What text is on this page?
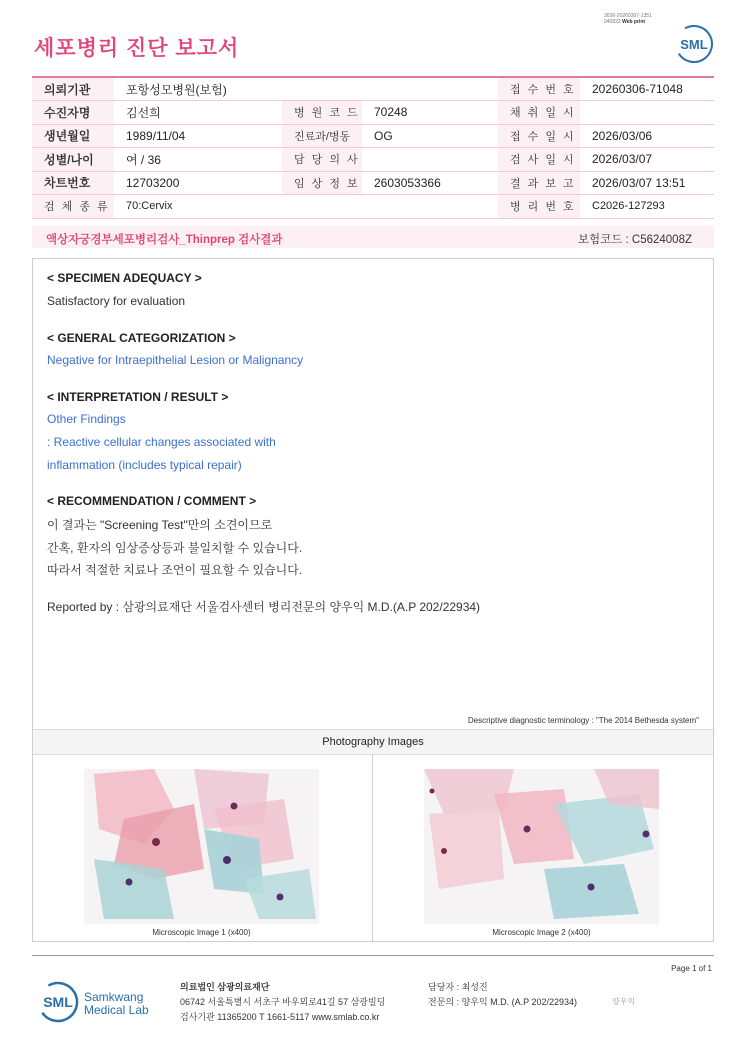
3036-20260307-1351
040822 Web print
세포병리 진단 보고서	SML
의뢰기관	포항성모병원(보험)			접 수 번 호	20260306-71048
수진자명	김선희	병 원 코 드	70248	채 취 일 시	
생년월일	1989/11/04	진료과/병동	OG	접 수 일 시	2026/03/06
성별/나이	여 / 36	담 당 의 사		검 사 일 시	2026/03/07
차트번호	12703200	임 상 정 보	2603053366	결 과 보 고	2026/03/07 13:51
검 체 종 류	70:Cervix			병 리 번 호	C2026-127293
액상자궁경부세포병리검사_Thinprep 검사결과	보험코드 : C5624008Z
< SPECIMEN ADEQUACY >
Satisfactory for evaluation
< GENERAL CATEGORIZATION >
Negative for Intraepithelial Lesion or Malignancy
< INTERPRETATION / RESULT >
Other Findings
: Reactive cellular changes associated with
inflammation (includes typical repair)
< RECOMMENDATION / COMMENT >
이 결과는 "Screening Test"만의 소견이므로
간혹, 환자의 임상증상등과 불일치할 수 있습니다.
따라서 적절한 치료나 조언이 필요할 수 있습니다.
Reported by : 삼광의료재단 서울검사센터 병리전문의 양우익 M.D.(A.P 202/22934)
Descriptive diagnostic terminology : "The 2014 Bethesda system"
Photography Images
Microscopic Image 1 (x400)	Microscopic Image 2 (x400)
Page 1 of 1
SML Samkwang
Medical Lab
의료법인 삼광의료재단
06742 서울특별시 서초구 바우뫼로41길 57 삼광빌딩
검사기관 11365200 T 1661-5117 www.smlab.co.kr
담당자 : 최성진
전문의 : 양우익 M.D. (A.P 202/22934)	양우익
